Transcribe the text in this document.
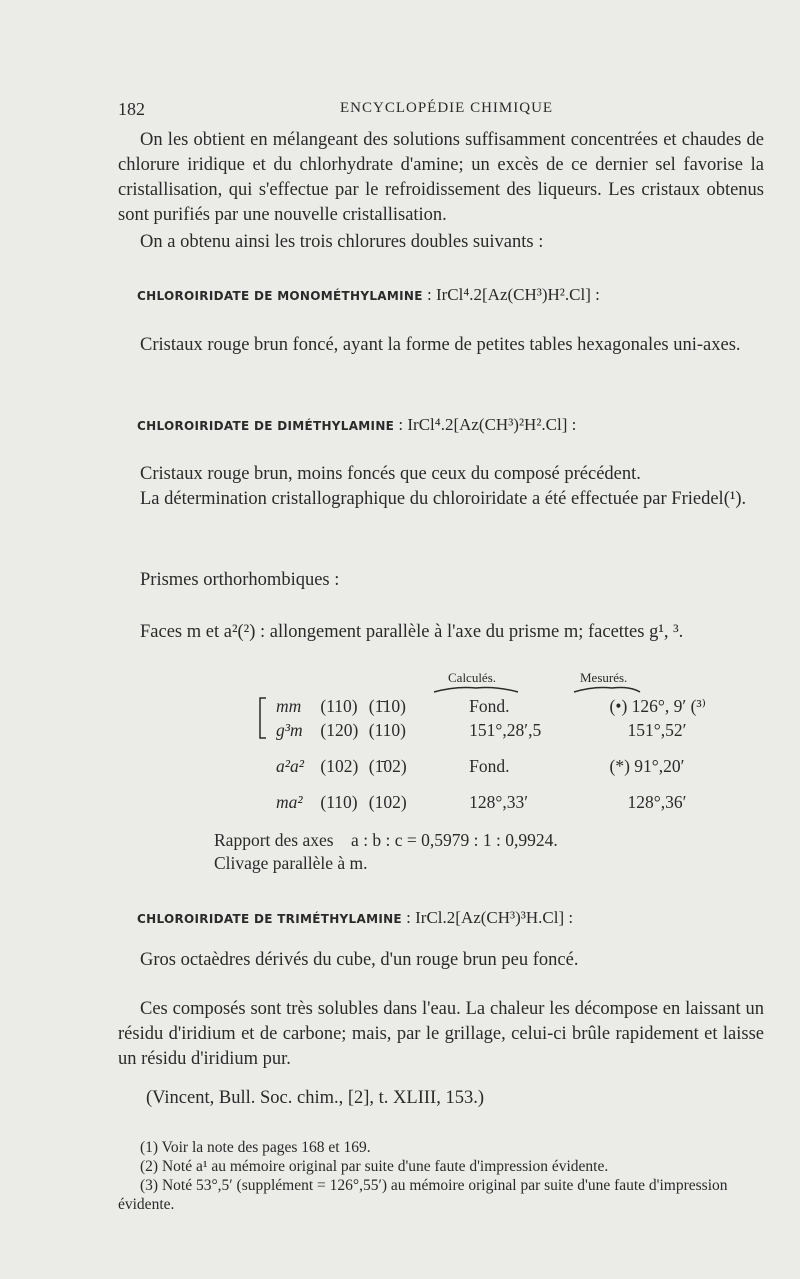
182	ENCYCLOPÉDIE CHIMIQUE
On les obtient en mélangeant des solutions suffisamment concentrées et chaudes de chlorure iridique et du chlorhydrate d'amine; un excès de ce dernier sel favorise la cristallisation, qui s'effectue par le refroidissement des liqueurs. Les cristaux obtenus sont purifiés par une nouvelle cristallisation.
On a obtenu ainsi les trois chlorures doubles suivants :
CHLOROIRIDATE DE MONOMÉTHYLAMINE : IrCl⁴.2[Az(CH³)H².Cl] :
Cristaux rouge brun foncé, ayant la forme de petites tables hexagonales uni-axes.
CHLOROIRIDATE DE DIMÉTHYLAMINE : IrCl⁴.2[Az(CH³)²H².Cl] :
Cristaux rouge brun, moins foncés que ceux du composé précédent.
La détermination cristallographique du chloroiridate a été effectuée par Friedel(¹).
Prismes orthorhombiques :
Faces m et a²(²) : allongement parallèle à l'axe du prisme m; facettes g¹, ³.
Calculés.	Mesurés.
mm (110) (1̄10)	Fond.	(•) 126°, 9′ (³⁾
g³m (120) (110)	151°,28′,5	151°,52′
a²a² (102) (1̄02)	Fond.	(*) 91°,20′
ma² (110) (102)	128°,33′	128°,36′
Rapport des axes    a : b : c = 0,5979 : 1 : 0,9924.
Clivage parallèle à m.
CHLOROIRIDATE DE TRIMÉTHYLAMINE : IrCl.2[Az(CH³)³H.Cl] :
Gros octaèdres dérivés du cube, d'un rouge brun peu foncé.
Ces composés sont très solubles dans l'eau. La chaleur les décompose en laissant un résidu d'iridium et de carbone; mais, par le grillage, celui-ci brûle rapidement et laisse un résidu d'iridium pur.
(Vincent, Bull. Soc. chim., [2], t. XLIII, 153.)
(1) Voir la note des pages 168 et 169.
(2) Noté a¹ au mémoire original par suite d'une faute d'impression évidente.
(3) Noté 53°,5′ (supplément = 126°,55′) au mémoire original par suite d'une faute d'impression évidente.
